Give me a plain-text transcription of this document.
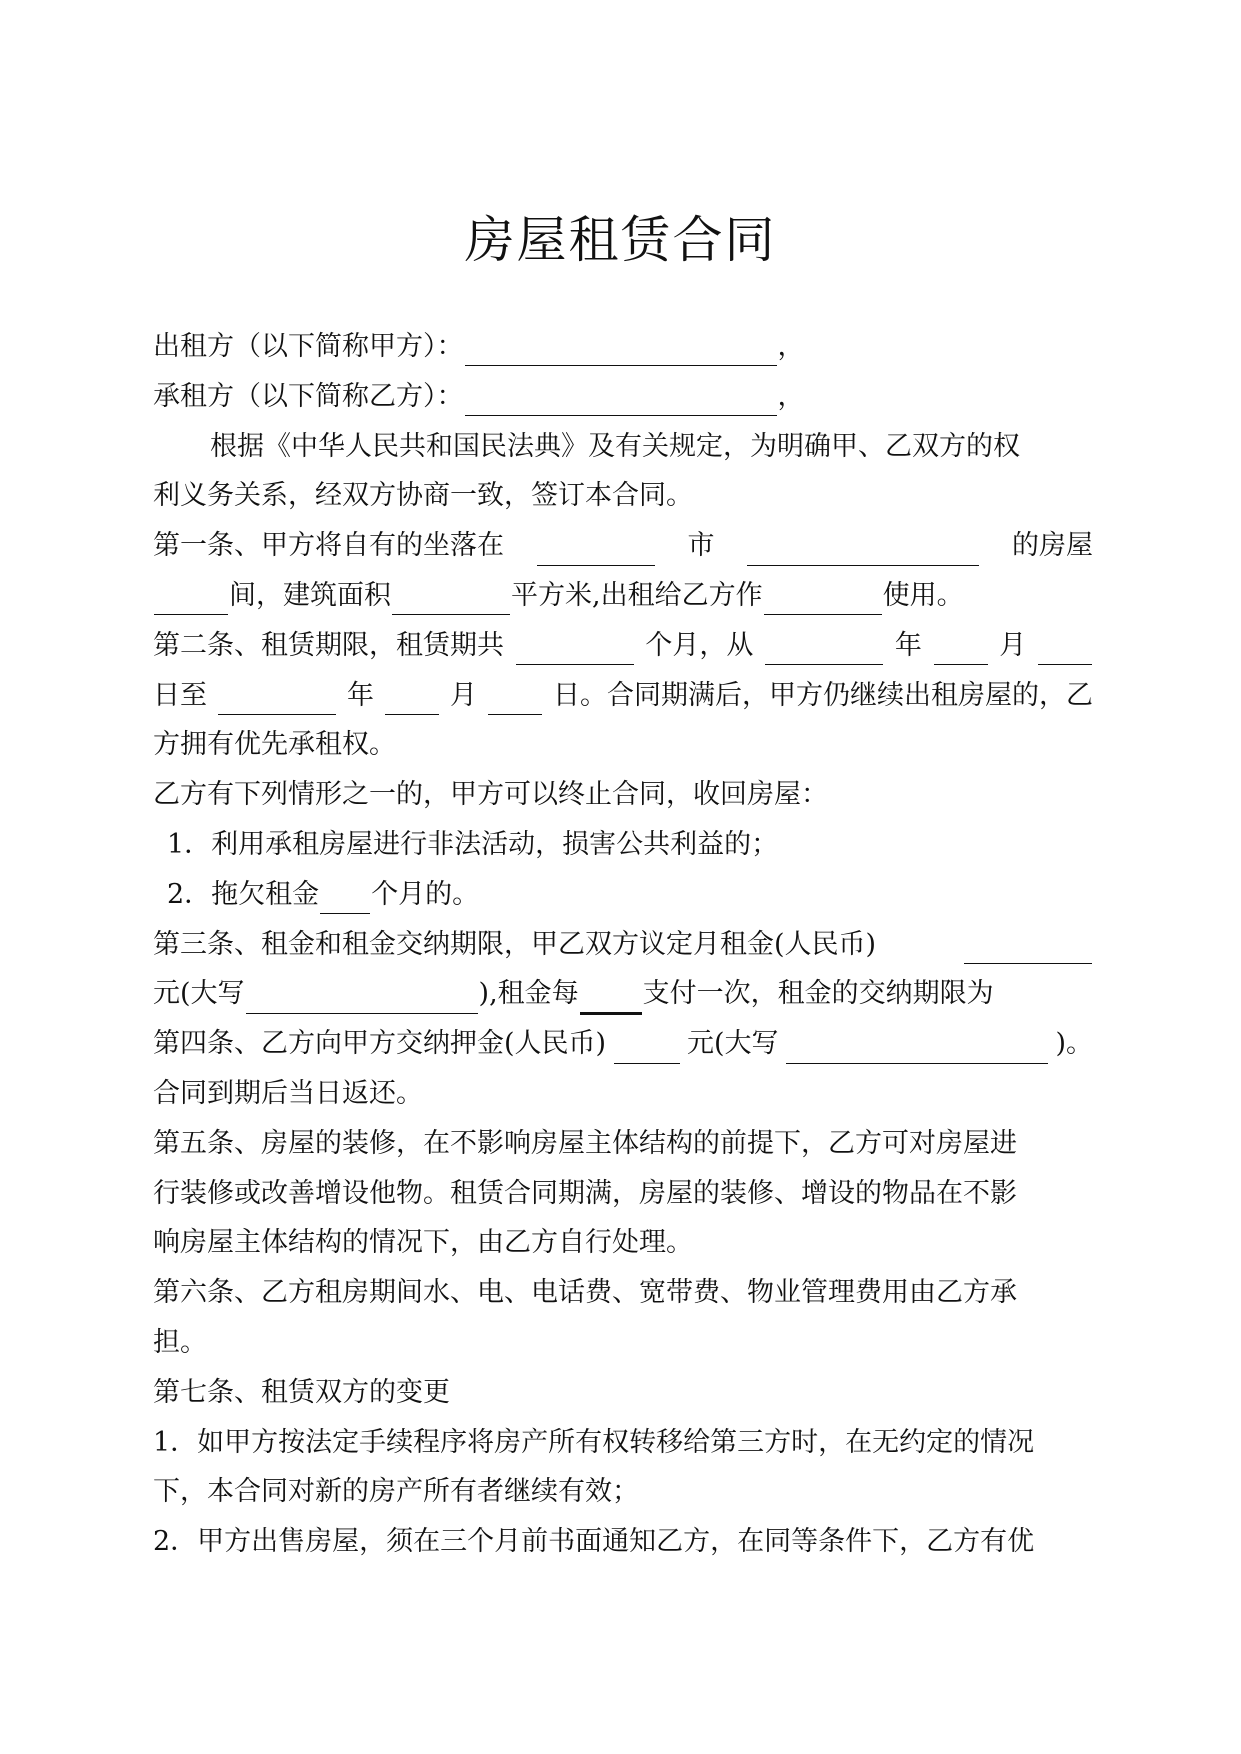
房屋租赁合同
出租方（以下简称甲方）：	，
承租方（以下简称乙方）：	，
根据《中华人民共和国民法典》及有关规定，为明确甲、乙双方的权
利义务关系，经双方协商一致，签订本合同。
第一条、甲方将自有的坐落在	市	的房屋
间，建筑面积	平方米,出租给乙方作	使用。
第二条、租赁期限，租赁期共	个月，从	年	月
日至	年	月	日。合同期满后，甲方仍继续出租房屋的，乙
方拥有优先承租权。
乙方有下列情形之一的，甲方可以终止合同，收回房屋：
1．利用承租房屋进行非法活动，损害公共利益的；
2．拖欠租金 个月的。
第三条、租金和租金交纳期限，甲乙双方议定月租金(人民币)
元(大写	),租金每 支付一次，租金的交纳期限为
第四条、乙方向甲方交纳押金(人民币)	元(大写	)。
合同到期后当日返还。
第五条、房屋的装修，在不影响房屋主体结构的前提下，乙方可对房屋进
行装修或改善增设他物。租赁合同期满，房屋的装修、增设的物品在不影
响房屋主体结构的情况下，由乙方自行处理。
第六条、乙方租房期间水、电、电话费、宽带费、物业管理费用由乙方承
担。
第七条、租赁双方的变更
1．如甲方按法定手续程序将房产所有权转移给第三方时，在无约定的情况
下，本合同对新的房产所有者继续有效；
2．甲方出售房屋，须在三个月前书面通知乙方，在同等条件下，乙方有优
